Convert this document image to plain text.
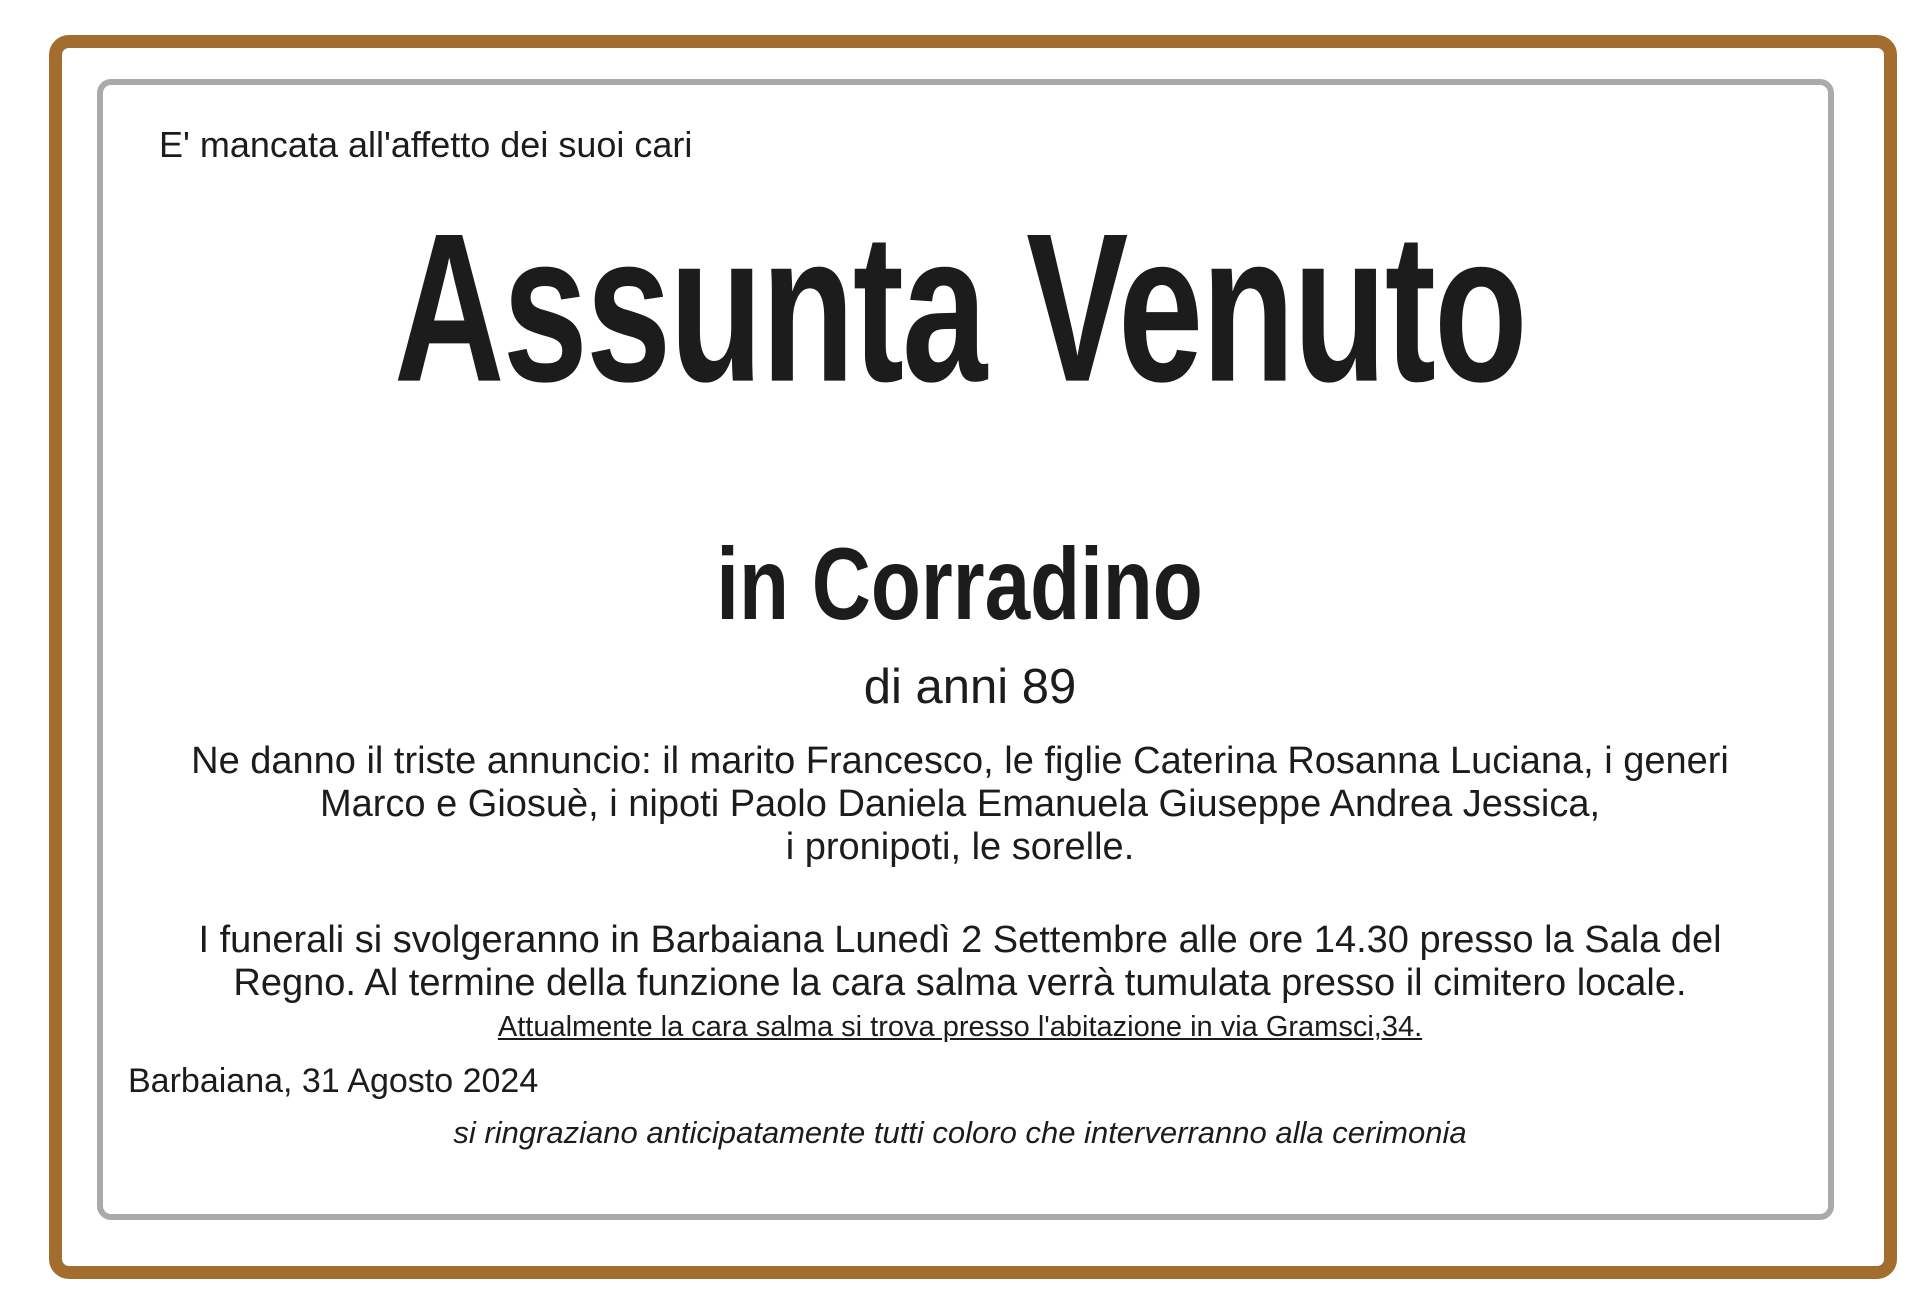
E' mancata all'affetto dei suoi cari
Assunta Venuto
in Corradino
di anni 89
Ne danno il triste annuncio: il marito Francesco, le figlie Caterina Rosanna Luciana, i generi
Marco e Giosuè, i nipoti Paolo Daniela Emanuela Giuseppe Andrea Jessica,
i pronipoti, le sorelle.
I funerali si svolgeranno in Barbaiana Lunedì 2 Settembre alle ore 14.30 presso la Sala del
Regno. Al termine della funzione la cara salma verrà tumulata presso il cimitero locale.
Attualmente la cara salma si trova presso l'abitazione in via Gramsci,34.
Barbaiana, 31 Agosto 2024
si ringraziano anticipatamente tutti coloro che interverranno alla cerimonia
